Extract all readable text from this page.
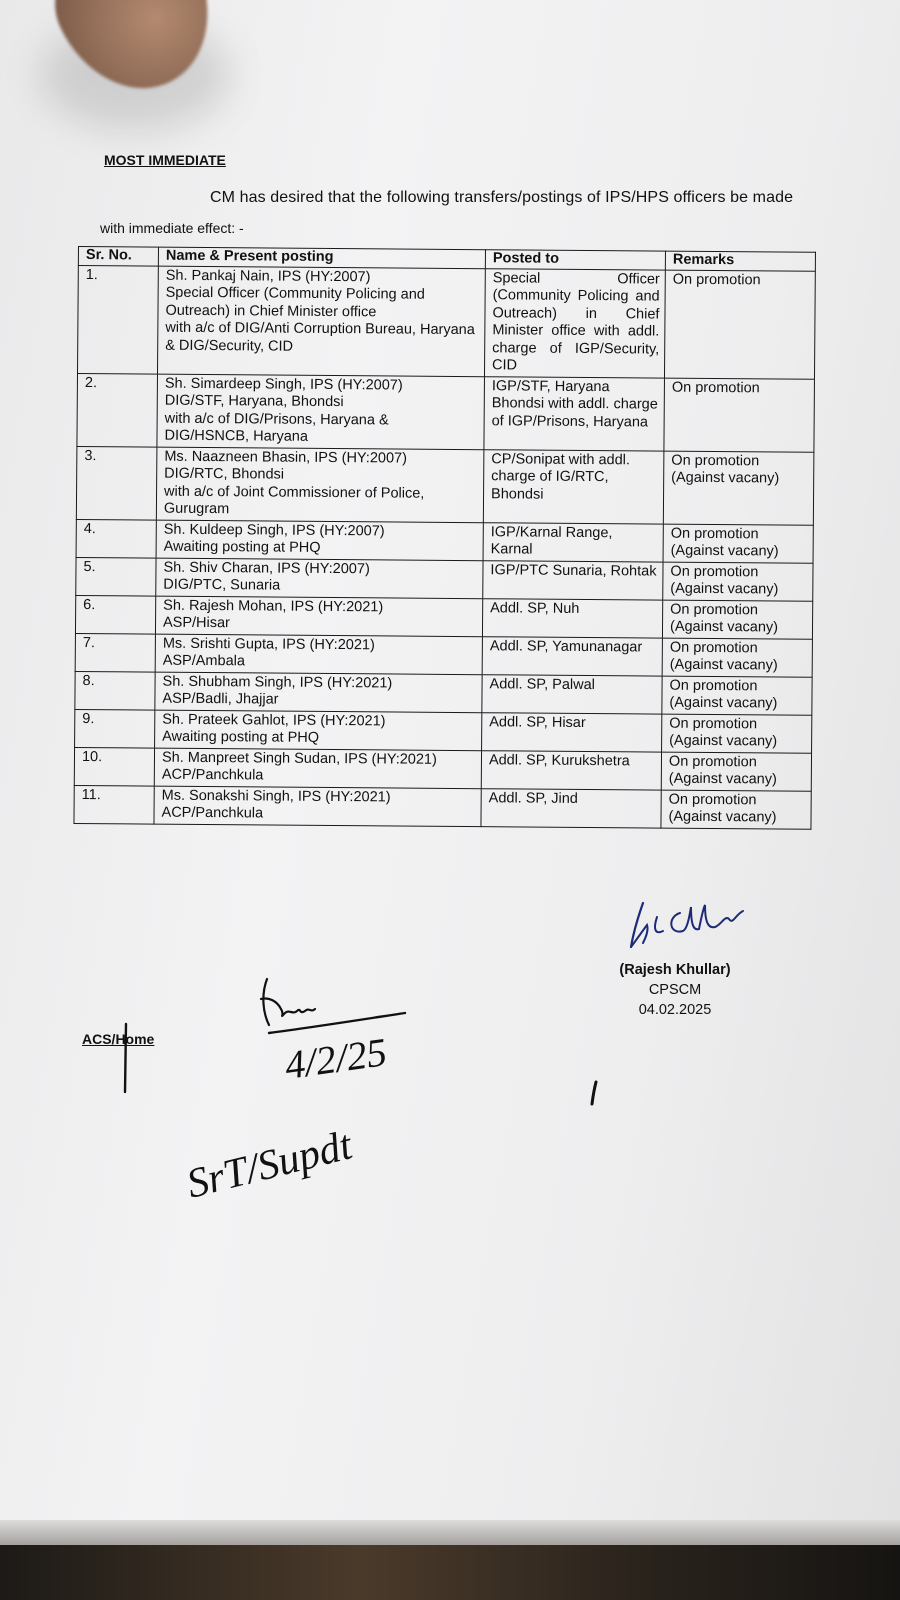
MOST IMMEDIATE
CM has desired that the following transfers/postings of IPS/HPS officers be made
with immediate effect: -
Sr. No.	Name & Present posting	Posted to	Remarks
1.	Sh. Pankaj Nain, IPS (HY:2007)
Special Officer (Community Policing and Outreach) in Chief Minister office
with a/c of DIG/Anti Corruption Bureau, Haryana & DIG/Security, CID	Special Officer (Community Policing and Outreach) in Chief Minister office with addl. charge of IGP/Security, CID	On promotion
2.	Sh. Simardeep Singh, IPS (HY:2007)
DIG/STF, Haryana, Bhondsi
with a/c of DIG/Prisons, Haryana &
DIG/HSNCB, Haryana	IGP/STF, Haryana Bhondsi with addl. charge of IGP/Prisons, Haryana	On promotion
3.	Ms. Naazneen Bhasin, IPS (HY:2007)
DIG/RTC, Bhondsi
with a/c of Joint Commissioner of Police, Gurugram	CP/Sonipat with addl. charge of IG/RTC, Bhondsi	On promotion
(Against vacany)
4.	Sh. Kuldeep Singh, IPS (HY:2007)
Awaiting posting at PHQ	IGP/Karnal Range, Karnal	On promotion
(Against vacany)
5.	Sh. Shiv Charan, IPS (HY:2007)
DIG/PTC, Sunaria	IGP/PTC Sunaria, Rohtak	On promotion
(Against vacany)
6.	Sh. Rajesh Mohan, IPS (HY:2021)
ASP/Hisar	Addl. SP, Nuh	On promotion
(Against vacany)
7.	Ms. Srishti Gupta, IPS (HY:2021)
ASP/Ambala	Addl. SP, Yamunanagar	On promotion
(Against vacany)
8.	Sh. Shubham Singh, IPS (HY:2021)
ASP/Badli, Jhajjar	Addl. SP, Palwal	On promotion
(Against vacany)
9.	Sh. Prateek Gahlot, IPS (HY:2021)
Awaiting posting at PHQ	Addl. SP, Hisar	On promotion
(Against vacany)
10.	Sh. Manpreet Singh Sudan, IPS (HY:2021)
ACP/Panchkula	Addl. SP, Kurukshetra	On promotion
(Against vacany)
11.	Ms. Sonakshi Singh, IPS (HY:2021)
ACP/Panchkula	Addl. SP, Jind	On promotion
(Against vacany)
(Rajesh Khullar)
CPSCM
04.02.2025
ACS/Home	4/2/25
SrT/Supdt
